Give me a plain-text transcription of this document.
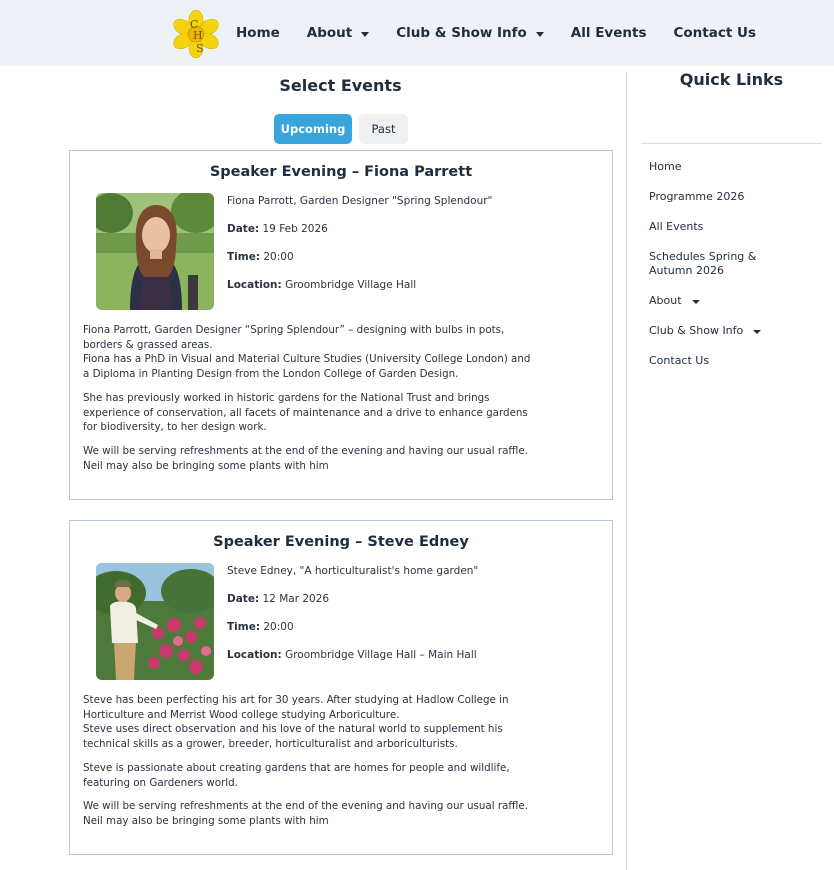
C
H
S
Home About	Club & Show Info	All Events Contact Us
Select Events
Upcoming	Past
Speaker Evening – Fiona Parrett
Fiona Parrott, Garden Designer "Spring Splendour"
Date: 19 Feb 2026
Time: 20:00
Location: Groombridge Village Hall
Fiona Parrott, Garden Designer “Spring Splendour” – designing with bulbs in pots, borders & grassed areas.

Fiona has a PhD in Visual and Material Culture Studies (University College London) and a Diploma in Planting Design from the London College of Garden Design.

She has previously worked in historic gardens for the National Trust and brings experience of conservation, all facets of maintenance and a drive to enhance gardens for biodiversity, to her design work.

We will be serving refreshments at the end of the evening and having our usual raffle. Neil may also be bringing some plants with him

Speaker Evening – Steve Edney
Steve Edney, "A horticulturalist's home garden"
Date: 12 Mar 2026
Time: 20:00
Location: Groombridge Village Hall – Main Hall
Steve has been perfecting his art for 30 years. After studying at Hadlow College in Horticulture and Merrist Wood college studying Arboriculture.

Steve uses direct observation and his love of the natural world to supplement his technical skills as a grower, breeder, horticulturalist and arboriculturists.

Steve is passionate about creating gardens that are homes for people and wildlife, featuring on Gardeners world.

We will be serving refreshments at the end of the evening and having our usual raffle. Neil may also be bringing some plants with him

Quick Links
Home
Programme 2026
All Events
Schedules Spring & Autumn 2026
About
Club & Show Info
Contact Us
